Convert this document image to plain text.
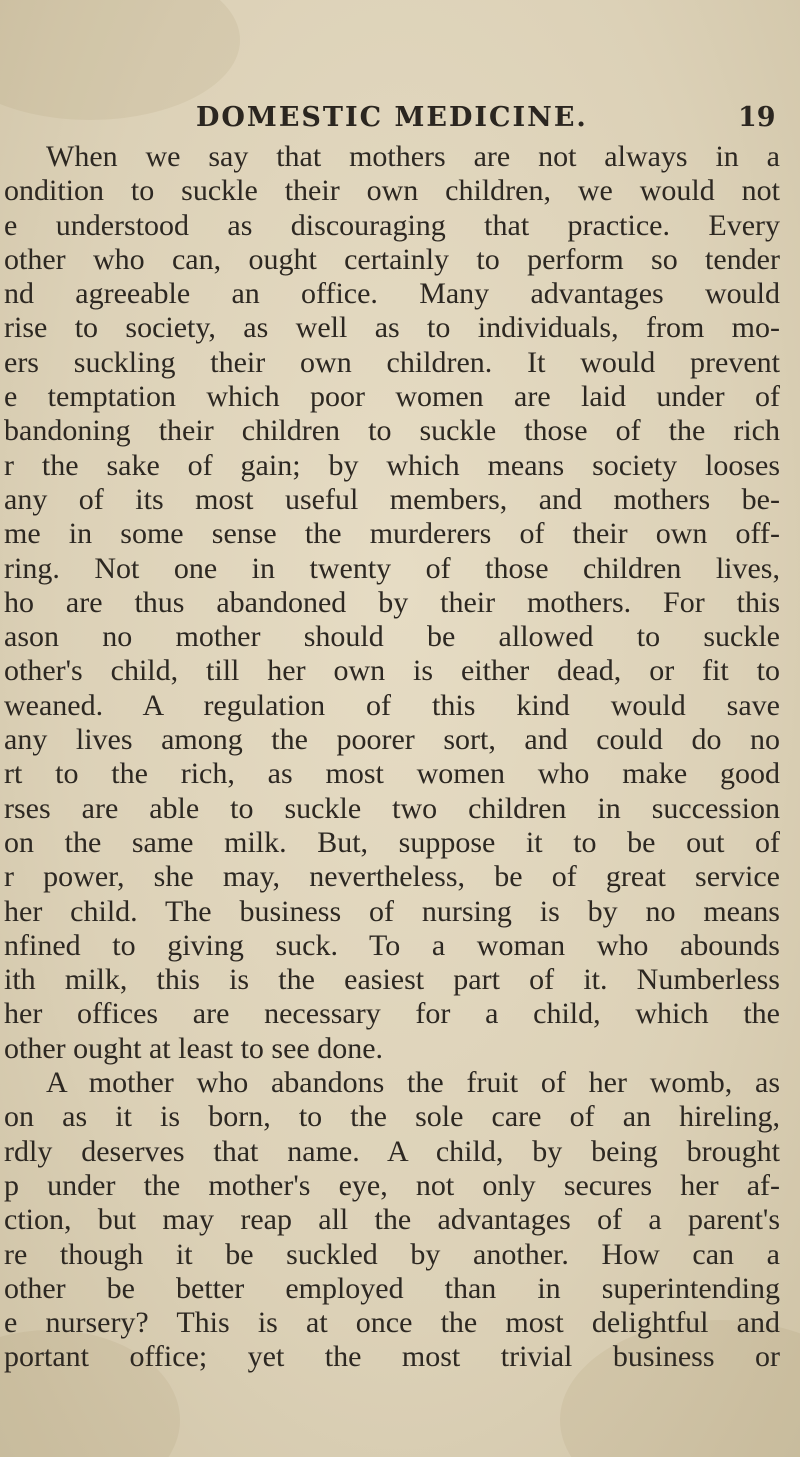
DOMESTIC MEDICINE.	19
When we say that mothers are not always in a
ondition to suckle their own children, we would not
e understood as discouraging that practice. Every
other who can, ought certainly to perform so tender
nd agreeable an office. Many advantages would
rise to society, as well as to individuals, from mo-
ers suckling their own children. It would prevent
e temptation which poor women are laid under of
bandoning their children to suckle those of the rich
r the sake of gain; by which means society looses
any of its most useful members, and mothers be-
me in some sense the murderers of their own off-
ring. Not one in twenty of those children lives,
ho are thus abandoned by their mothers. For this
ason no mother should be allowed to suckle
other's child, till her own is either dead, or fit to
weaned. A regulation of this kind would save
any lives among the poorer sort, and could do no
rt to the rich, as most women who make good
rses are able to suckle two children in succession
on the same milk. But, suppose it to be out of
r power, she may, nevertheless, be of great service
her child. The business of nursing is by no means
nfined to giving suck. To a woman who abounds
ith milk, this is the easiest part of it. Numberless
her offices are necessary for a child, which the
other ought at least to see done.
A mother who abandons the fruit of her womb, as
on as it is born, to the sole care of an hireling,
rdly deserves that name. A child, by being brought
p under the mother's eye, not only secures her af-
ction, but may reap all the advantages of a parent's
re though it be suckled by another. How can a
other be better employed than in superintending
e nursery? This is at once the most delightful and
portant office; yet the most trivial business or
